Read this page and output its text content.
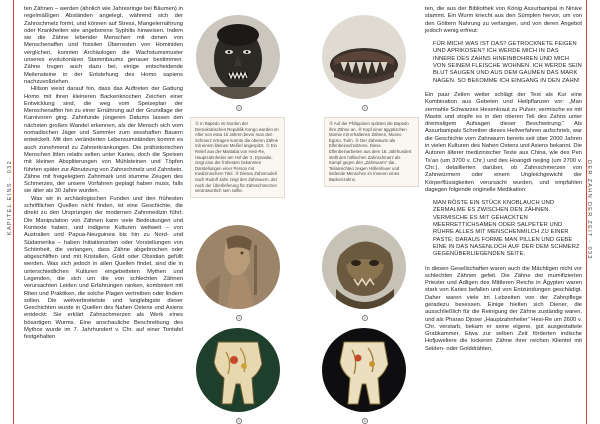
KAPITEL EINS · 032	DER ZAHN DER ZEIT · 033

ten Zähnen – werden (ähnlich wie Jahresringe bei Bäumen) in regelmäßigen Abständen angelegt, während sich der Zahnschmelz formt, und können auf Stress, Mangelernährung oder Krankheiten wie angeborene Syphilis hinweisen. Indem sie die Zähne lebender Menschen mit denen von Menschenaffen und fossilen Überresten von Hominiden verglichen, konnten Archäologen die Wachstumsmuster unseres evolutionären Stammbaums genauer bestimmen. Zähne trugen auch dazu bei, einige entscheidende Meilensteine in der Entstehung des Homo sapiens nachzuvollziehen.

Hillson weist darauf hin, dass das Auftreten der Gattung Homo mit ihren kleineren Backenknochen Zeichen einer Entwicklung sind, die weg vom Speiseplan der Menschenaffen hin zu einer Ernährung auf der Grundlage der Karnivoren ging. Zahnfunde jüngeren Datums lassen den nächsten großen Wandel erkennen, als der Mensch sich vom nomadischen Jäger und Sammler zum sesshaften Bauern entwickelt. Mit den veränderten Lebensumständen kommt es auch zunehmend zu Zahnerkrankungen. Die prähistorischen Menschen litten relativ selten unter Karies, doch die Speisen mit kleinen Abspliterungen von Mühlsteinen und Töpfen führten später zur Abnutzung von Zahnschmelz und Zahnbein. Zähne mit freigelegtem Zahnmark und stumme Zeugen des Schmerzes, der unsere Vorfahren geplagt haben muss, falls sie älter als 30 Jahre wurden.

Was wir in archäologischen Funden und den frühesten schriftlichen Quellen nicht finden, ist eine Geschichte, die direkt zu den Ursprüngen der modernen Zahnmedizin führt. Die Manipulation von Zähnen kann viele Bedeutungen und Kontexte haben, und indigene Kulturen weltweit – von Australien und Papua-Neuguinea bis hin zu Nord- und Südamerika – haben Initiationsriten oder Vorstellungen von Schönheit, die verlangen, dass Zähne abgebrochen oder abgeschliffen und mit Kristallen, Gold oder Obsidian gefüllt werden. Was sich jedoch in allen Quellen findet, sind die in unterschiedlichen Kulturen eingebetteten Mythen und Legenden, die sich um die von schlechten Zähnen verursachten Leiden und Erfahrungen ranken, kombiniert mit Riten und Praktiken, die solche Plagen vertreiben oder lindern sollen. Die weitverbreitetste und langlebigste dieser Geschichten wurde in Quellen des Nahen Ostens und Asiens entdeckt: Sie erklärt Zahnschmerzen als Werk eines bösartigen Wurms. Eine anschauliche Beschreibung des Mythos wurde im 7. Jahrhundert v. Chr. auf einer Tontafel festgehalten

①	②
① In Bapedo im Norden der Demokratischen Republik Kongo wurden im Alter von etwa 16 Jahren bevor man den Schmerz ertragen konnte die oberen Zähne mit einem kleinen Meißel angespitzt. ② Ein Relief aus der Mastaba von Hesi-Re, Hauptzahnheiler am Hof der 3. Dynastie, zeigt eine der frühesten bekannten Darstellungen einer Person mit medizinischem Titel. ③ Dieses Zahnmodell nach Rudolf Jahn zeigt den Zahnwurm, der nach der Überlieferung für Zahnschmerzen verantwortlich sein sollte.
② Auf der Philippinen spitzten die Bapedo ihre Zähne an. ④ Kopf einer ägyptischen Mumie mit erhaltenen Zähnen, Museo Egizio, Turin. ⑤ Der Zahnwurm als Elfenbeinschnitzerei. Diese Elfenbeinarbeiten aus dem 18. Jahrhundert stellt den höllischen Zahnschmerz als Kampf gegen den „Zahnwurm“ dar. Teilansichten zeigen Höllenfeuer und leidende Menschen im Inneren eines Backenzahns.
③	④
⑤	⑥

ten, die aus der Bibliothek von König Assurbanipal in Ninive stammt. Ein Wurm kriecht aus den Sümpfen hervor, um von den Göttern Nahrung zu verlangen, und von deren Angebot jedoch wenig erfreut:

FÜR MICH! WAS IST DAS? GETROCKNETE FEIGEN UND APRIKOSEN? ICH WERDE MICH IN DAS INNERE DES ZAHNS HINEINBOHREN UND MICH VON SEINEM FLEISCHE WOHNEN. ICH WERDE SEIN BLUT SAUGEN UND AUS DEM GAUMEN DAS MARK NAGEN. SO BEKOMME ICH EINGANG IN DEN ZAHN!

Ein paar Zeilen weiter schlägt der Text als Kur eine Kombination aus Gebeten und Heilpflanzen vor: „Man zermahle Schwarzes Hexenkraut zu Pulver, vermische es mit Mastix und stopfe es in den oberen Teil des Zahns unter dreimaligem Aufsagen dieser Beschwörung.“ Als Assurbanipals Schreiber dieses Heilverfahren aufschrieb, war die Geschichte vom Zahnwurm bereits seit über 2000 Jahren in vielen Kulturen des Nahen Ostens und Asiens bekannt. Die Autoren älterer medizinischer Texte aus China, wie des Pen Ts’ao (um 3700 v. Chr.) und des Hoangdi neijing (um 2700 v. Chr.), detaillierten darüber, ob Zahnschmerzen von Zahnwürmern oder einem Ungleichgewicht der Körperflüssigkeiten verursacht wurden, und empfahlen dagegen folgende originelle Medikation:

MAN RÖSTE EIN STÜCK KNOBLAUCH UND ZERMALME ES ZWISCHEN DEN ZÄHNEN. VERMISCHE ES MIT GEHACKTEN MEERRETTICHSAMEN ODER SALPETER UND RÜHRE ALLES MIT MENSCHENMILCH ZU EINER PASTE; DARAUS FORME MAN PILLEN UND GEBE EINE IN DAS NASENLOCH AUF DER DEM SCHMERZ GEGENÜBERLIEGENDEN SEITE.

In diesen Gesellschaften waren auch die Mächtigen nicht vor schlechten Zähnen gefeit. Die Zähne der mumifizierten Priester und Adligen des Mittleren Reichs in Ägypten waren stark von Karies befallen und von Entzündungen geschädigt. Daher waren viele im Lebzeiten von der Zahnpflege geradezu besessen. Einige hielten sich Diener, die ausschließlich für die Reinigung der Zähne zuständig waren, und als Pharao Djoser „Hauptzahnheiler“ Hesi-Re um 2600 v. Chr. verstarb, bekam er seine eigene, gut ausgestattete Grabkammer. Etwa zur selben Zeit förderten indische Hofjuweliere die lockeren Zähne ihrer reichen Klientel mit Seiden- oder Golddrähten,
